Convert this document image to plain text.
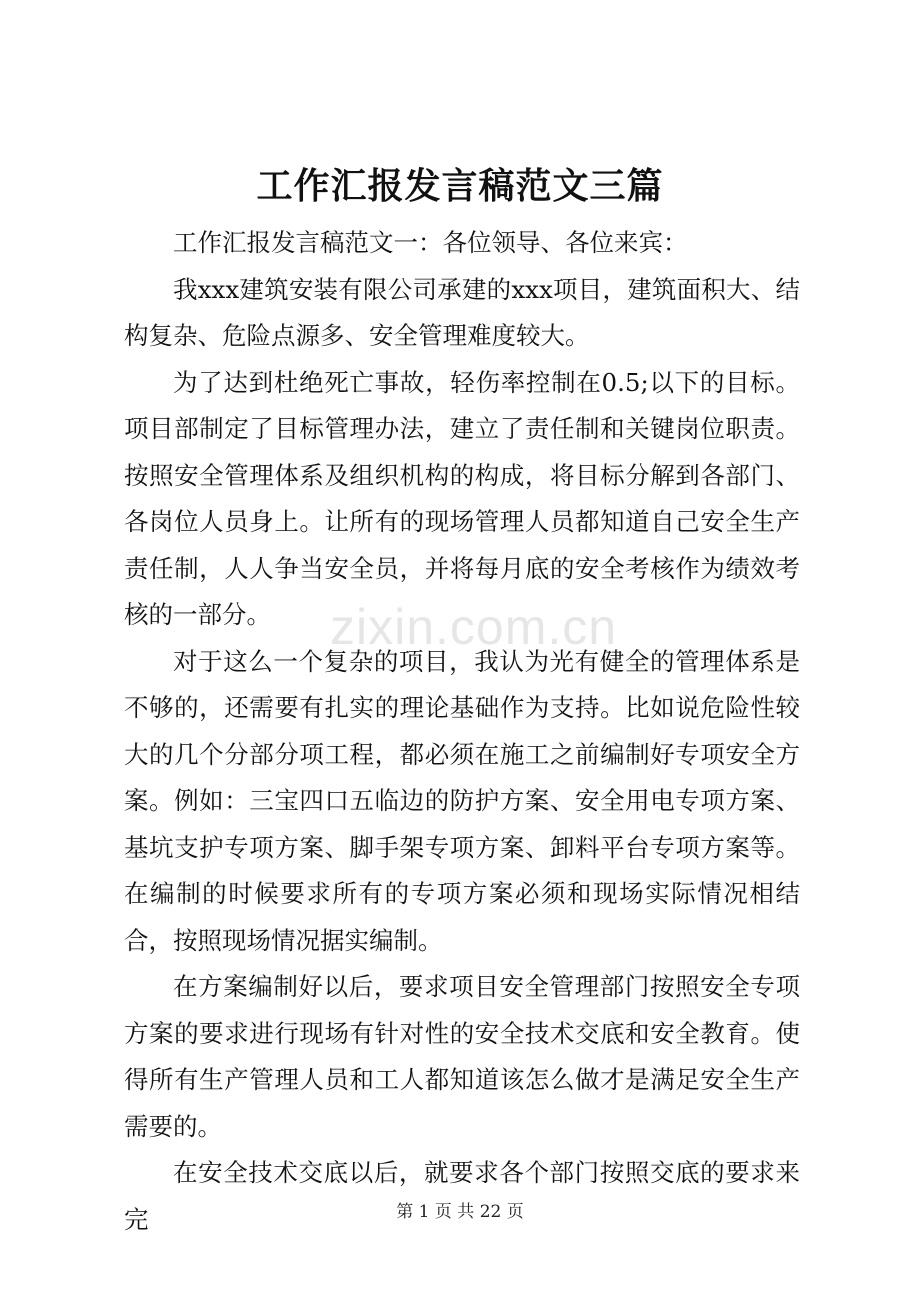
工作汇报发言稿范文三篇

工作汇报发言稿范文一：各位领导、各位来宾：

我xxx建筑安装有限公司承建的xxx项目，建筑面积大、结构复杂、危险点源多、安全管理难度较大。

为了达到杜绝死亡事故，轻伤率控制在0.5;以下的目标。项目部制定了目标管理办法，建立了责任制和关键岗位职责。按照安全管理体系及组织机构的构成，将目标分解到各部门、各岗位人员身上。让所有的现场管理人员都知道自己安全生产责任制，人人争当安全员，并将每月底的安全考核作为绩效考核的一部分。

对于这么一个复杂的项目，我认为光有健全的管理体系是不够的，还需要有扎实的理论基础作为支持。比如说危险性较大的几个分部分项工程，都必须在施工之前编制好专项安全方案。例如：三宝四口五临边的防护方案、安全用电专项方案、基坑支护专项方案、脚手架专项方案、卸料平台专项方案等。在编制的时候要求所有的专项方案必须和现场实际情况相结合，按照现场情况据实编制。

在方案编制好以后，要求项目安全管理部门按照安全专项方案的要求进行现场有针对性的安全技术交底和安全教育。使得所有生产管理人员和工人都知道该怎么做才是满足安全生产需要的。

在安全技术交底以后，就要求各个部门按照交底的要求来完

zixin.com.cn
第 1 页 共 22 页
